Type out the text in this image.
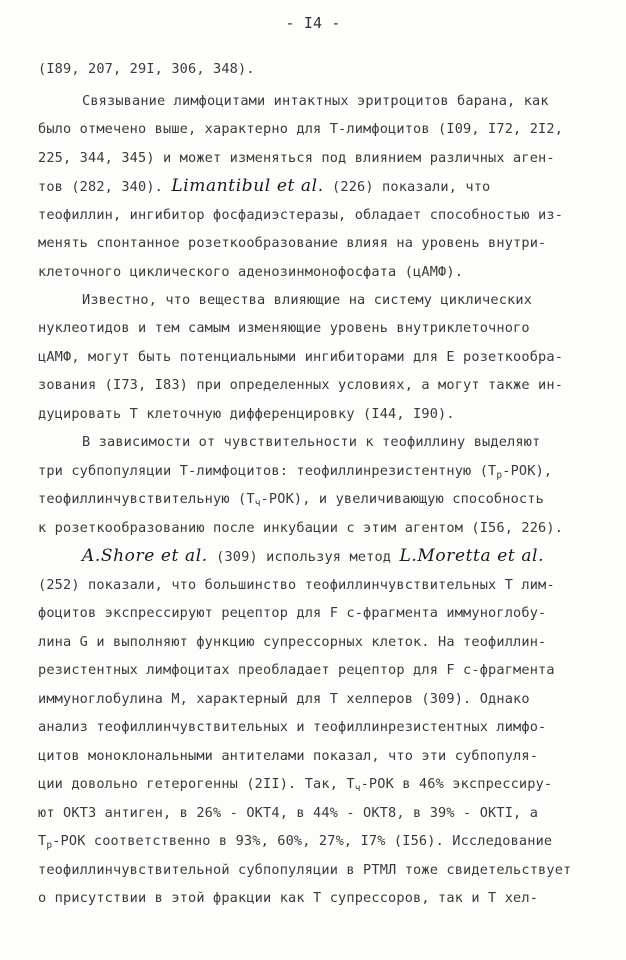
- I4 -
(I89, 207, 29I, 306, 348).
Связывание лимфоцитами интактных эритроцитов барана, как
было отмечено выше, характерно для Т-лимфоцитов (I09, I72, 2I2,
225, 344, 345) и может изменяться под влиянием различных аген-
тов (282, 340). Limantibul et al. (226) показали, что
теофиллин, ингибитор фосфадиэстеразы, обладает способностью из-
менять спонтанное розеткообразование влияя на уровень внутри-
клеточного циклического аденозинмонофосфата (цАМФ).
Известно, что вещества влияющие на систему циклических
нуклеотидов и тем самым изменяющие уровень внутриклеточного
цАМФ, могут быть потенциальными ингибиторами для Е розеткообра-
зования (I73, I83) при определенных условиях, а могут также ин-
дуцировать Т клеточную дифференцировку (I44, I90).
В зависимости от чувствительности к теофиллину выделяют
три субпопуляции Т-лимфоцитов: теофиллинрезистентную $(Т_р-РОК)$,
теофиллинчувствительную $(Т_ч-РОК)$, и увеличивающую способность
к розеткообразованию после инкубации с этим агентом (I56, 226).
A.Shore et al. (309) используя метод L.Moretta et al.
(252) показали, что большинство теофиллинчувствительных Т лим-
фоцитов экспрессируют рецептор для F с-фрагмента иммуноглобу-
лина G и выполняют функцию супрессорных клеток. На теофиллин-
резистентных лимфоцитах преобладает рецептор для F с-фрагмента
иммуноглобулина М, характерный для Т хелперов (309). Однако
анализ теофиллинчувствительных и теофиллинрезистентных лимфо-
цитов моноклональными антителами показал, что эти субпопуля-
ции довольно гетерогенны (2II). Так, $Т_ч$-РОК в 46% экспрессиру-
ют ОКТ3 антиген, в 26% - ОКТ4, в 44% - ОКТ8, в 39% - ОКТI, а
$Т_р$-РОК соответственно в 93%, 60%, 27%, I7% (I56). Исследование
теофиллинчувствительной субпопуляции в РТМЛ тоже свидетельствует
о присутствии в этой фракции как Т супрессоров, так и Т хел-
